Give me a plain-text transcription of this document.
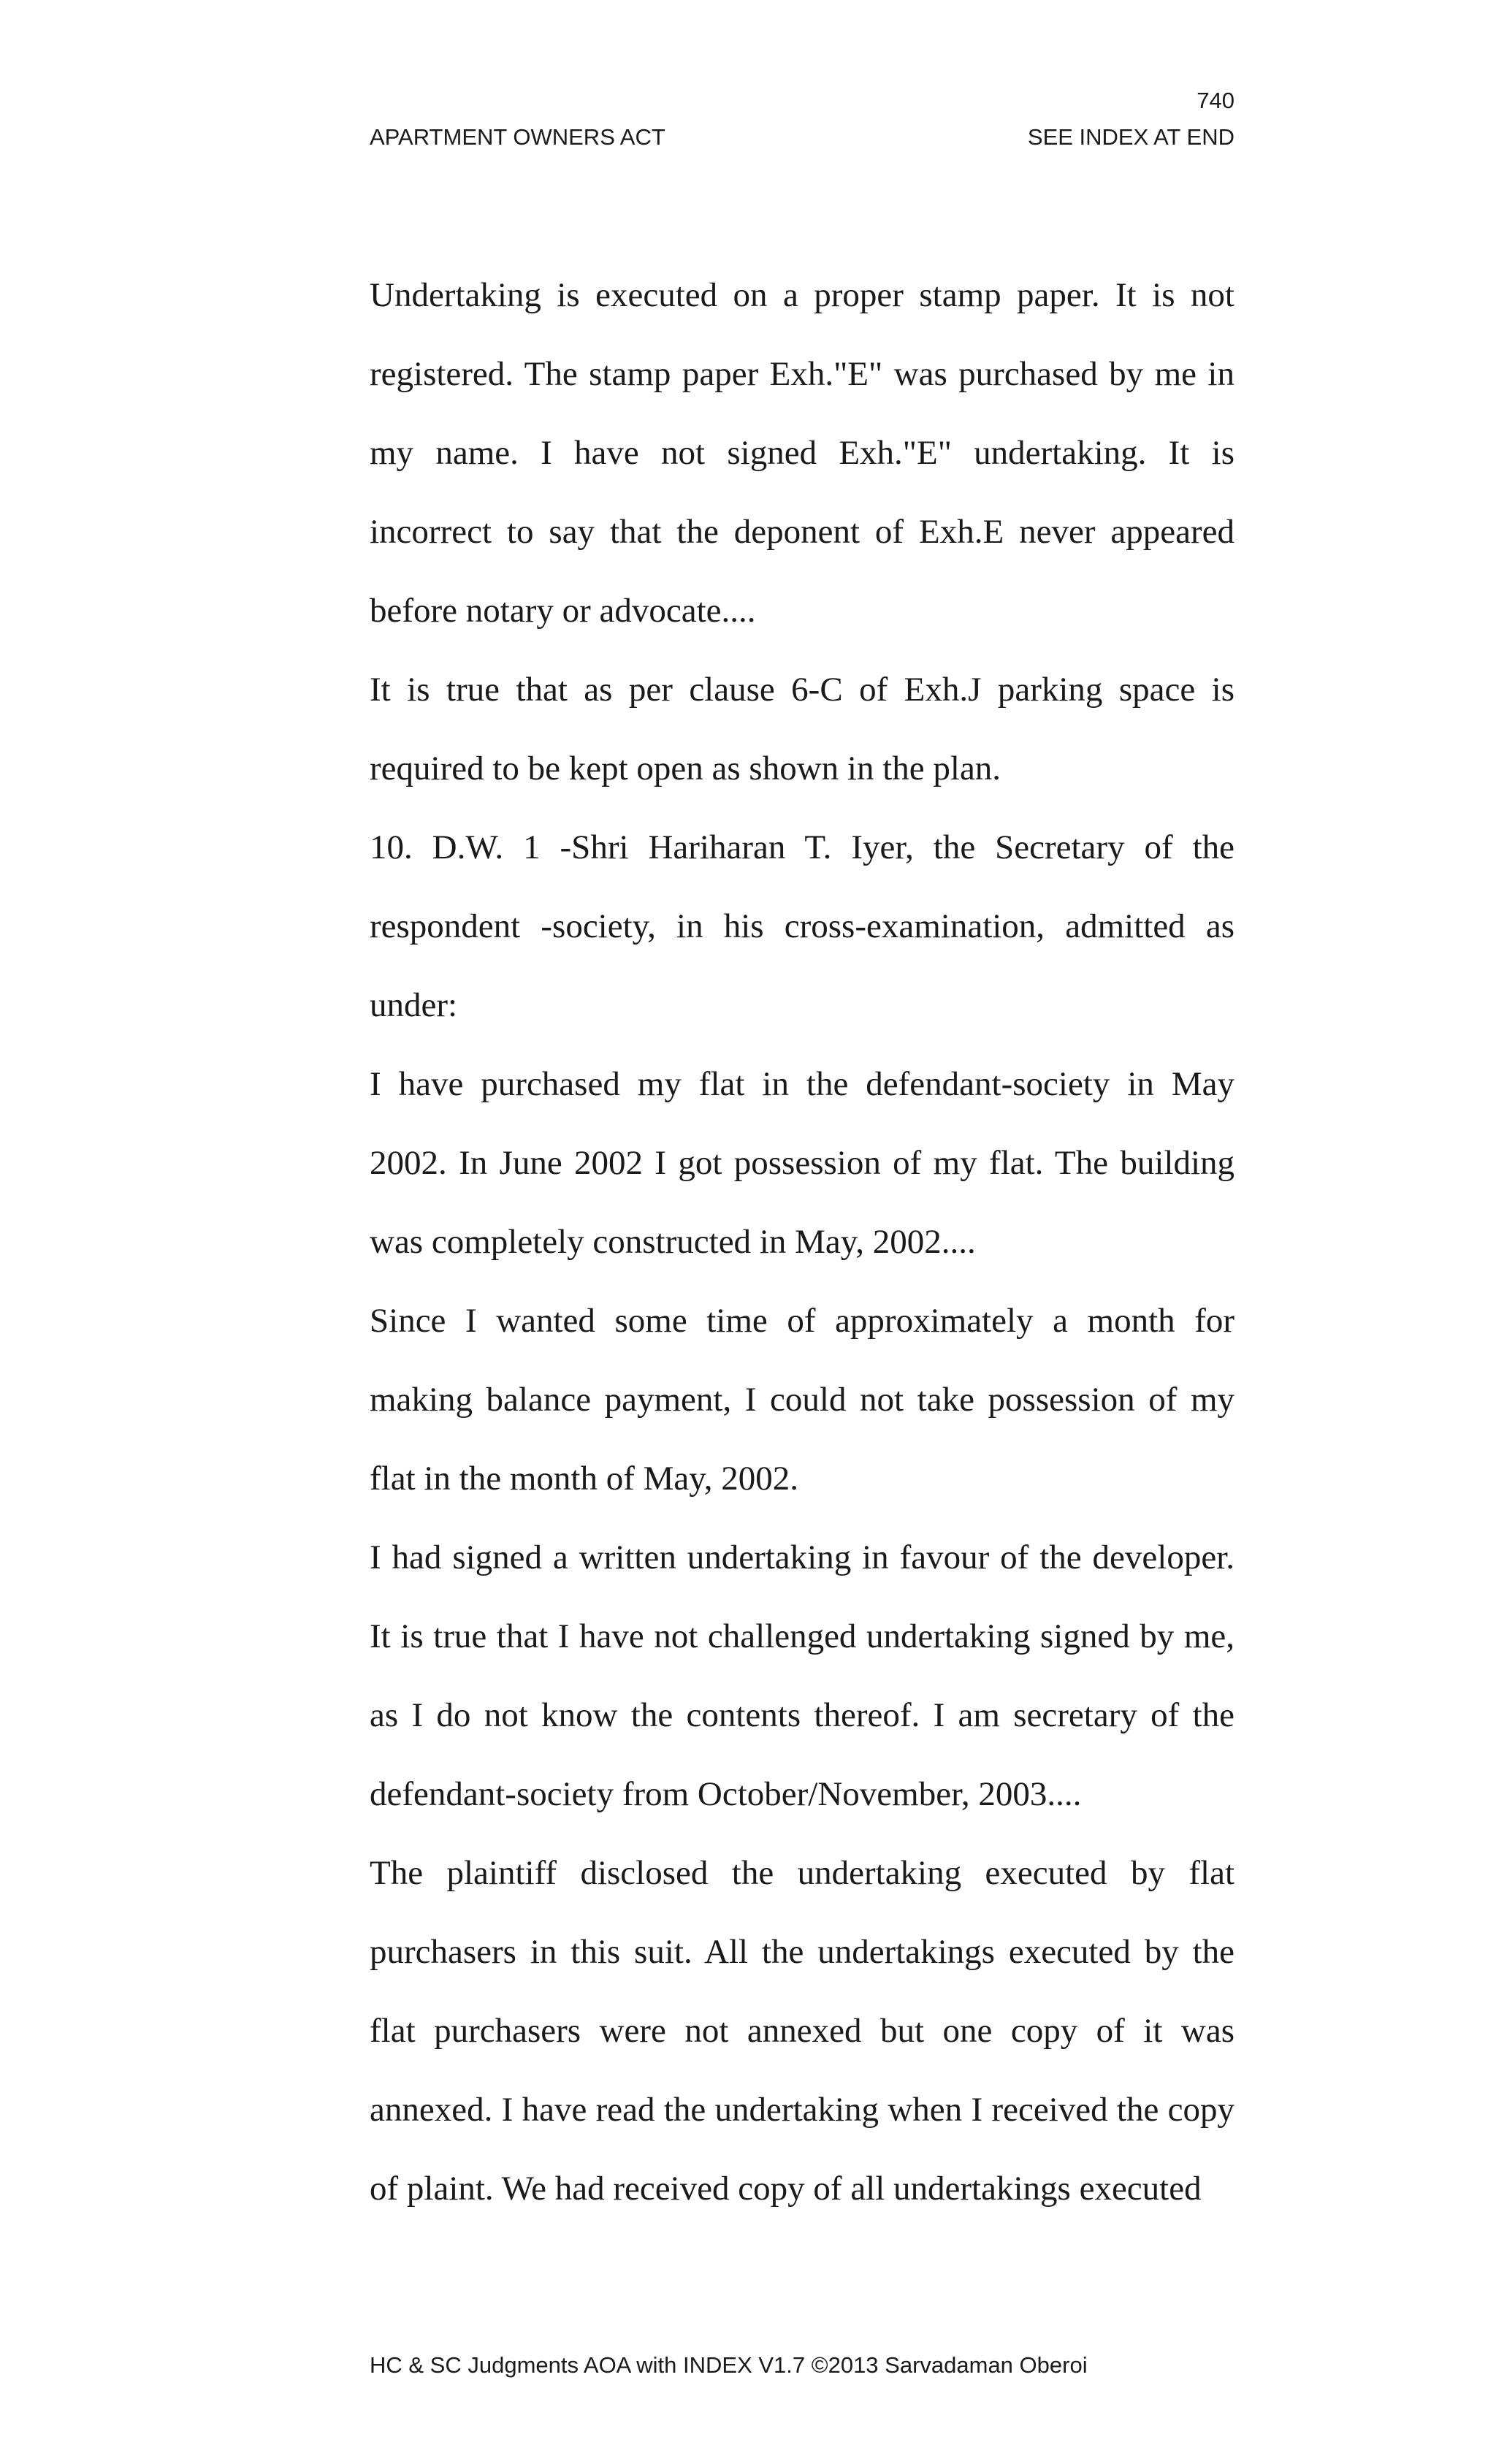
740
APARTMENT OWNERS ACT	SEE INDEX AT END

Undertaking is executed on a proper stamp paper. It is not registered. The stamp paper Exh."E" was purchased by me in my name. I have not signed Exh."E" undertaking. It is incorrect to say that the deponent of Exh.E never appeared before notary or advocate....

It is true that as per clause 6-C of Exh.J parking space is required to be kept open as shown in the plan.

10. D.W. 1 -Shri Hariharan T. Iyer, the Secretary of the respondent -society, in his cross-examination, admitted as under:

I have purchased my flat in the defendant-society in May 2002. In June 2002 I got possession of my flat. The building was completely constructed in May, 2002....

Since I wanted some time of approximately a month for making balance payment, I could not take possession of my flat in the month of May, 2002.

I had signed a written undertaking in favour of the developer. It is true that I have not challenged undertaking signed by me, as I do not know the contents thereof. I am secretary of the defendant-society from October/November, 2003....

The plaintiff disclosed the undertaking executed by flat purchasers in this suit. All the undertakings executed by the flat purchasers were not annexed but one copy of it was annexed. I have read the undertaking when I received the copy of plaint. We had received copy of all undertakings executed

HC & SC Judgments AOA with INDEX V1.7 ©2013 Sarvadaman Oberoi
